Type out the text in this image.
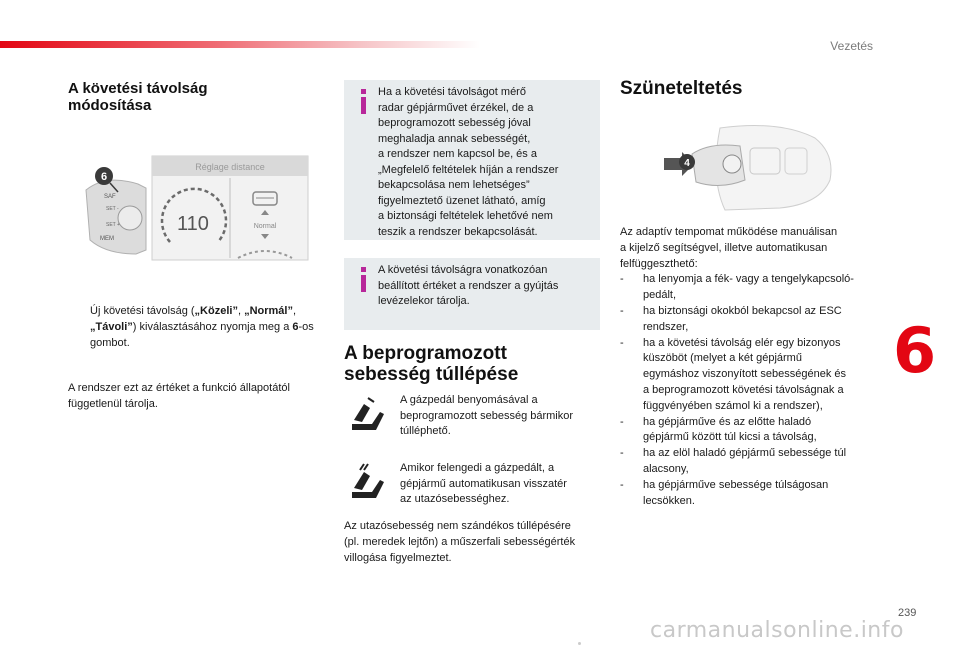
Vezetés
6
239
carmanualsonline.info
A követési távolság
módosítása
Réglage distance
110	Normal
SAF
SET -
SET +
MEM
6
Új követési távolság („Közeli”, „Normál”, „Távoli”) kiválasztásához nyomja meg a 6-os gombot.
A rendszer ezt az értéket a funkció állapotától függetlenül tárolja.
Ha a követési távolságot mérő
radar gépjárművet érzékel, de a
beprogramozott sebesség jóval
meghaladja annak sebességét,
a rendszer nem kapcsol be, és a
„Megfelelő feltételek híján a rendszer
bekapcsolása nem lehetséges”
figyelmeztető üzenet látható, amíg
a biztonsági feltételek lehetővé nem
teszik a rendszer bekapcsolását.
A követési távolságra vonatkozóan
beállított értéket a rendszer a gyújtás
levézelekor tárolja.
A beprogramozott
sebesség túllépése
A gázpedál benyomásával a
beprogramozott sebesség bármikor
túlléphető.
Amikor felengedi a gázpedált, a
gépjármű automatikusan visszatér
az utazósebességhez.
Az utazósebesség nem szándékos túllépésére
(pl. meredek lejtőn) a műszerfali sebességérték
villogása figyelmeztet.
Szüneteltetés
4
Az adaptív tempomat működése manuálisan
a kijelző segítségvel, illetve automatikusan
felfüggeszthető:
- ha lenyomja a fék- vagy a tengelykapcsoló-
pedált,
- ha biztonsági okokból bekapcsol az ESC
rendszer,
- ha a követési távolság elér egy bizonyos
küszöböt (melyet a két gépjármű
egymáshoz viszonyított sebességének és
a beprogramozott követési távolságnak a
függvényében számol ki a rendszer),
- ha gépjárműve és az előtte haladó
gépjármű között túl kicsi a távolság,
- ha az elöl haladó gépjármű sebessége túl
alacsony,
- ha gépjárműve sebessége túlságosan
lecsökken.
